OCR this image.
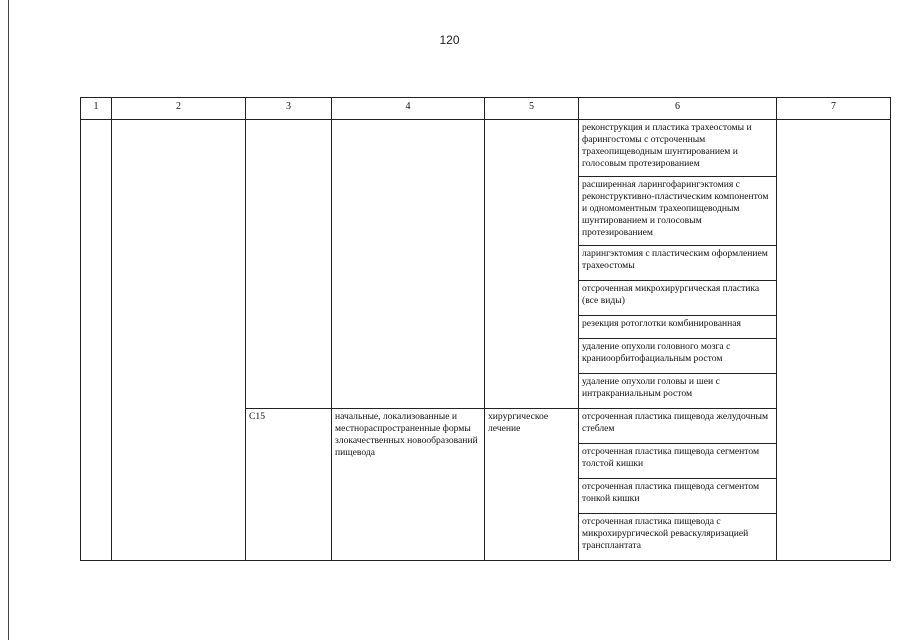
120
1	2	3	4	5	6	7
					реконструкция и пластика трахеостомы и фарингостомы с отсроченным трахеопищеводным шунтированием и голосовым протезированием	
					расширенная ларингофарингэктомия с реконструктивно-пластическим компонентом и одномоментным трахеопищеводным шунтированием и голосовым протезированием	
					ларингэктомия с пластическим оформлением трахеостомы	
					отсроченная микрохирургическая пластика (все виды)	
					резекция ротоглотки комбинированная	
					удаление опухоли головного мозга с краниоорбитофациальным ростом	
					удаление опухоли головы и шеи с интракраниальным ростом	
		C15	начальные, локализованные и местнораспространенные формы злокачественных новообразований пищевода	хирургическое лечение	отсроченная пластика пищевода желудочным стеблем	
					отсроченная пластика пищевода сегментом толстой кишки	
					отсроченная пластика пищевода сегментом тонкой кишки	
					отсроченная пластика пищевода с микрохирургической реваскуляризацией трансплантата	
